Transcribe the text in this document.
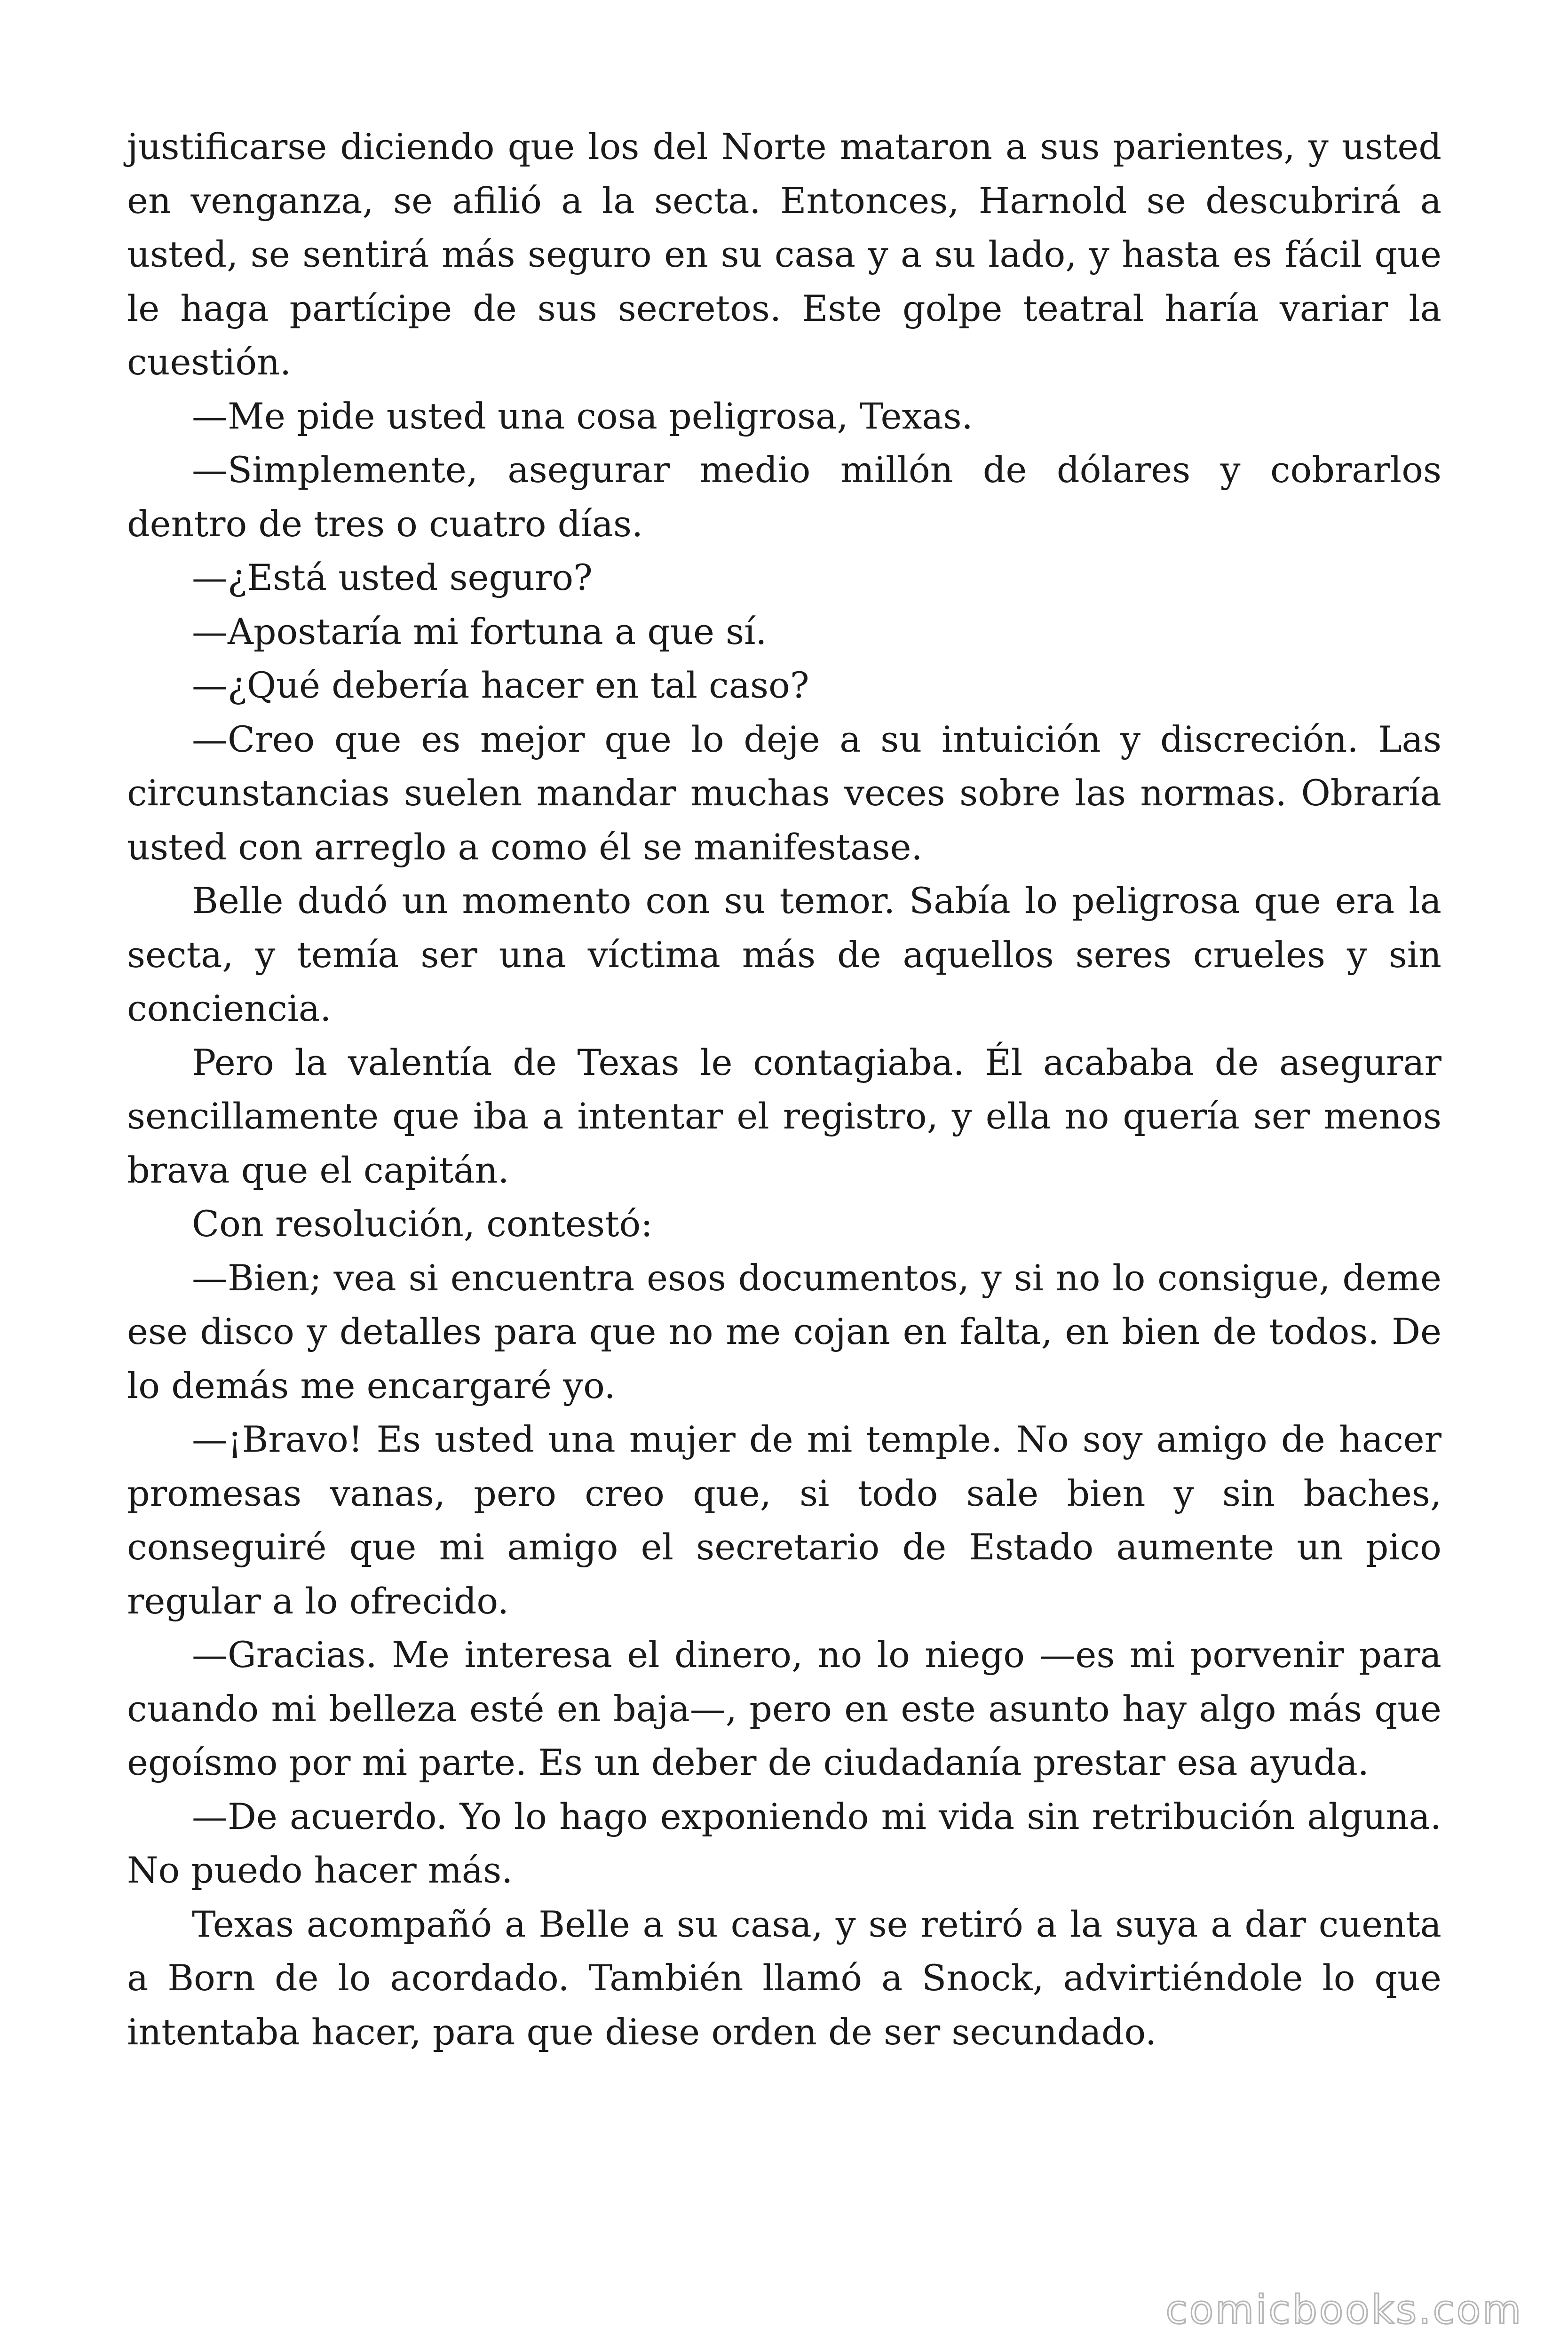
justificarse diciendo que los del Norte mataron a sus parientes, y usted en venganza, se afilió a la secta. Entonces, Harnold se descubrirá a usted, se sentirá más seguro en su casa y a su lado, y hasta es fácil que le haga partícipe de sus secretos. Este golpe teatral haría variar la cuestión.

—Me pide usted una cosa peligrosa, Texas.

—Simplemente, asegurar medio millón de dólares y cobrarlos dentro de tres o cuatro días.

—¿Está usted seguro?

—Apostaría mi fortuna a que sí.

—¿Qué debería hacer en tal caso?

—Creo que es mejor que lo deje a su intuición y discreción. Las circunstancias suelen mandar muchas veces sobre las normas. Obraría usted con arreglo a como él se manifestase.

Belle dudó un momento con su temor. Sabía lo peligrosa que era la secta, y temía ser una víctima más de aquellos seres crueles y sin conciencia.

Pero la valentía de Texas le contagiaba. Él acababa de asegurar sencillamente que iba a intentar el registro, y ella no quería ser menos brava que el capitán.

Con resolución, contestó:

—Bien; vea si encuentra esos documentos, y si no lo consigue, deme ese disco y detalles para que no me cojan en falta, en bien de todos. De lo demás me encargaré yo.

—¡Bravo! Es usted una mujer de mi temple. No soy amigo de hacer promesas vanas, pero creo que, si todo sale bien y sin baches, conseguiré que mi amigo el secretario de Estado aumente un pico regular a lo ofrecido.

—Gracias. Me interesa el dinero, no lo niego —es mi porvenir para cuando mi belleza esté en baja—, pero en este asunto hay algo más que egoísmo por mi parte. Es un deber de ciudadanía prestar esa ayuda.

—De acuerdo. Yo lo hago exponiendo mi vida sin retribución alguna. No puedo hacer más.

Texas acompañó a Belle a su casa, y se retiró a la suya a dar cuenta a Born de lo acordado. También llamó a Snock, advirtiéndole lo que intentaba hacer, para que diese orden de ser secundado.

comicbooks.com
